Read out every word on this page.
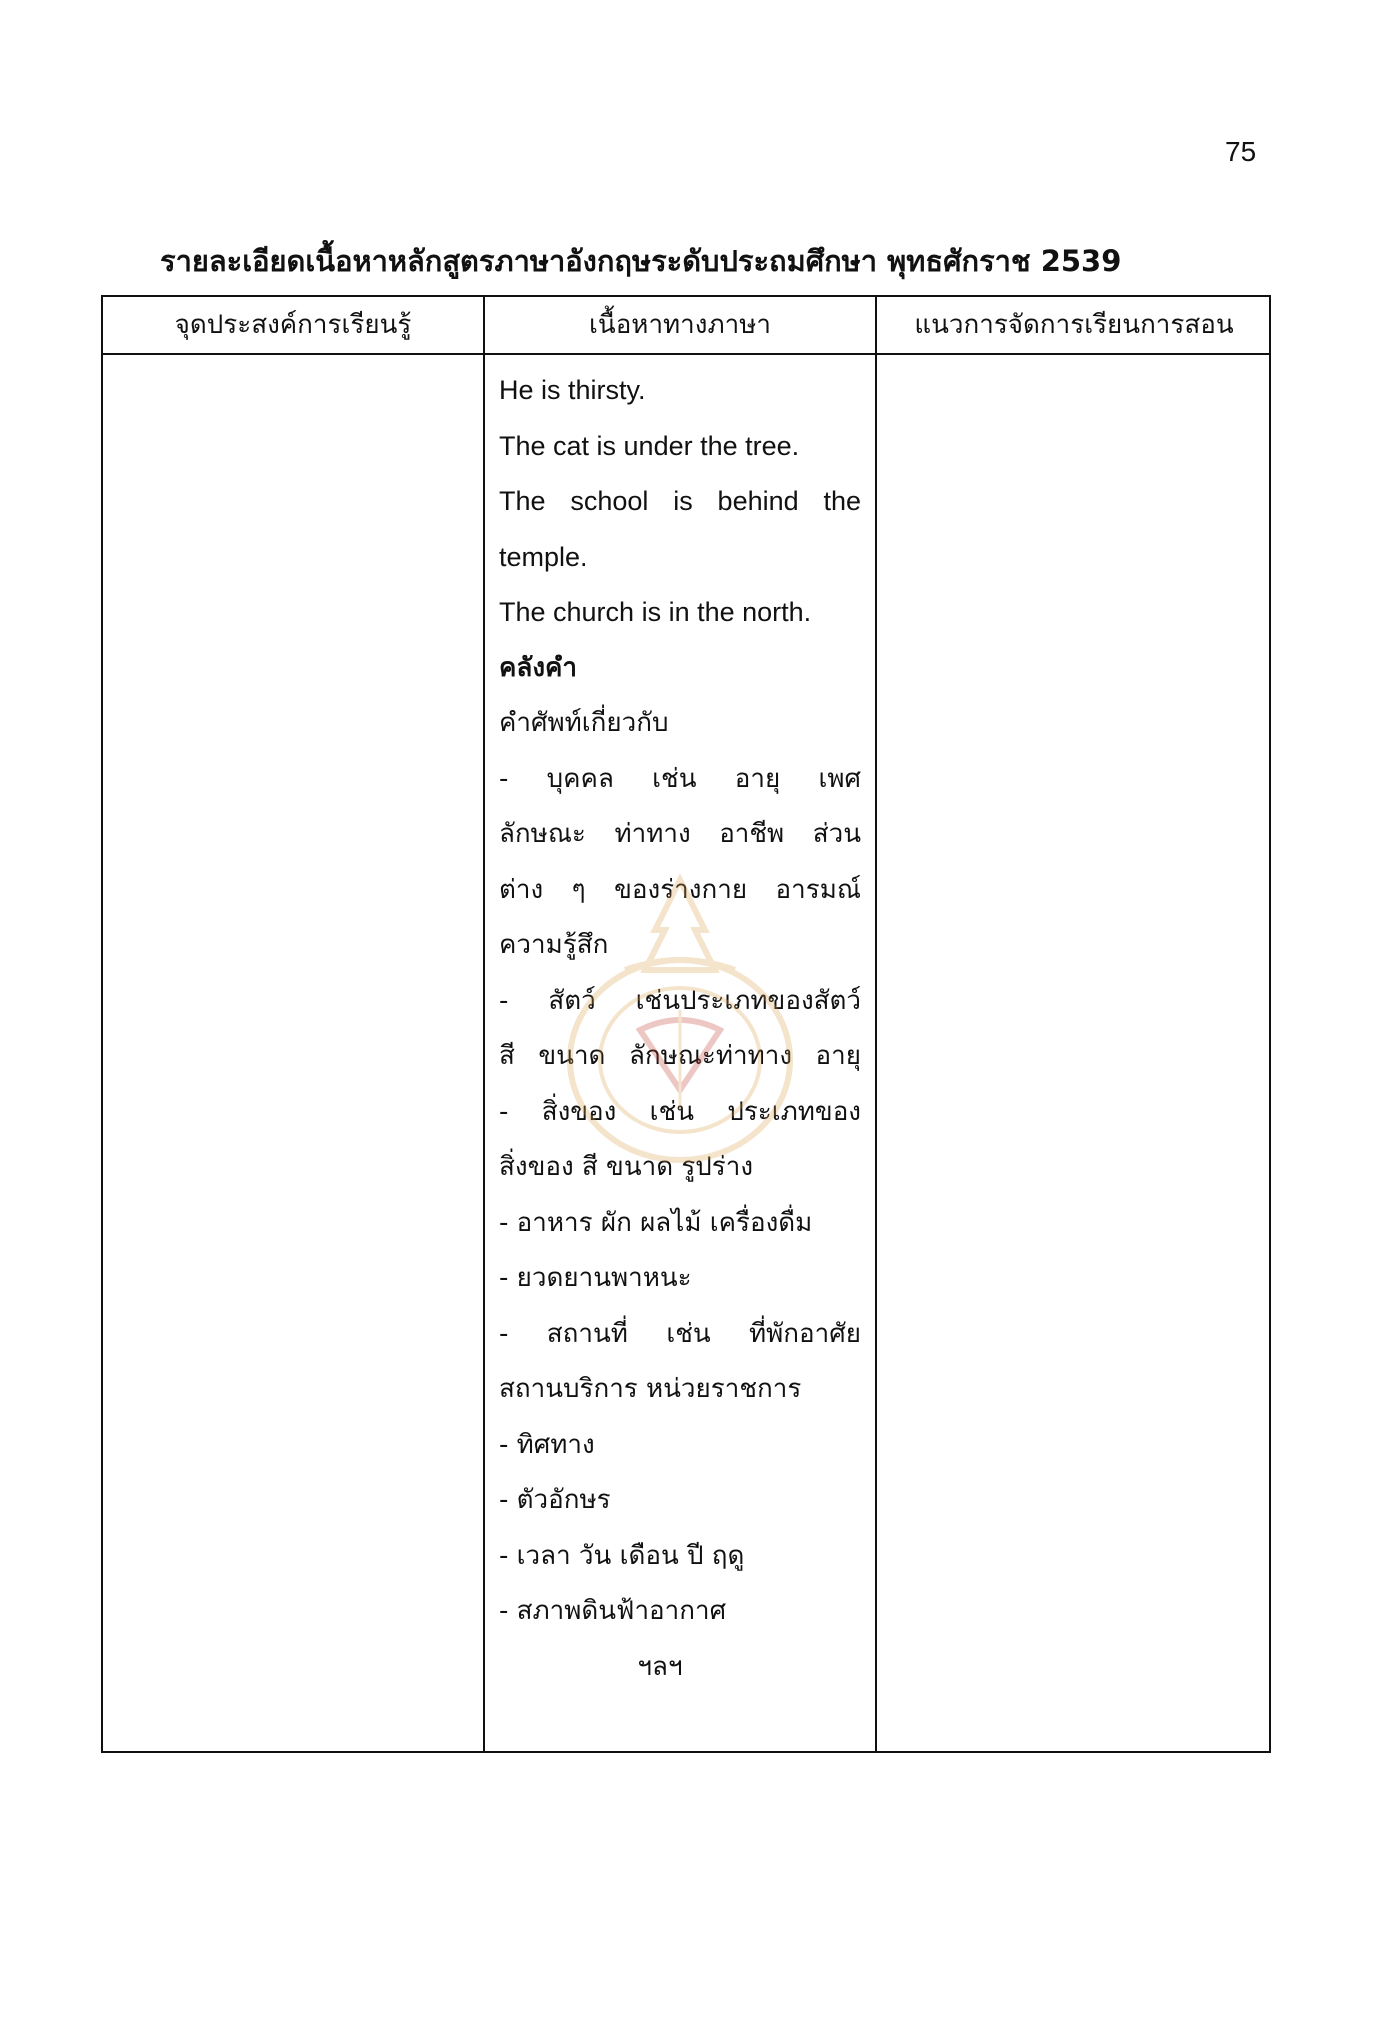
75
รายละเอียดเนื้อหาหลักสูตรภาษาอังกฤษระดับประถมศึกษา พุทธศักราช 2539
จุดประสงค์การเรียนรู้	เนื้อหาทางภาษา	แนวการจัดการเรียนการสอน
He is thirsty.
The cat is under the tree.
The school is behind the
temple.
The church is in the north.
คลังคำ
คำศัพท์เกี่ยวกับ
- บุคคล เช่น อายุ เพศ
ลักษณะ ท่าทาง อาชีพ ส่วน
ต่าง ๆ ของร่างกาย อารมณ์
ความรู้สึก
- สัตว์ เช่นประเภทของสัตว์
สี ขนาด ลักษณะท่าทาง อายุ
- สิ่งของ เช่น ประเภทของ
สิ่งของ สี ขนาด รูปร่าง
- อาหาร ผัก ผลไม้ เครื่องดื่ม
- ยวดยานพาหนะ
- สถานที่ เช่น ที่พักอาศัย
สถานบริการ หน่วยราชการ
- ทิศทาง
- ตัวอักษร
- เวลา วัน เดือน ปี ฤดู
- สภาพดินฟ้าอากาศ
ฯลฯ
